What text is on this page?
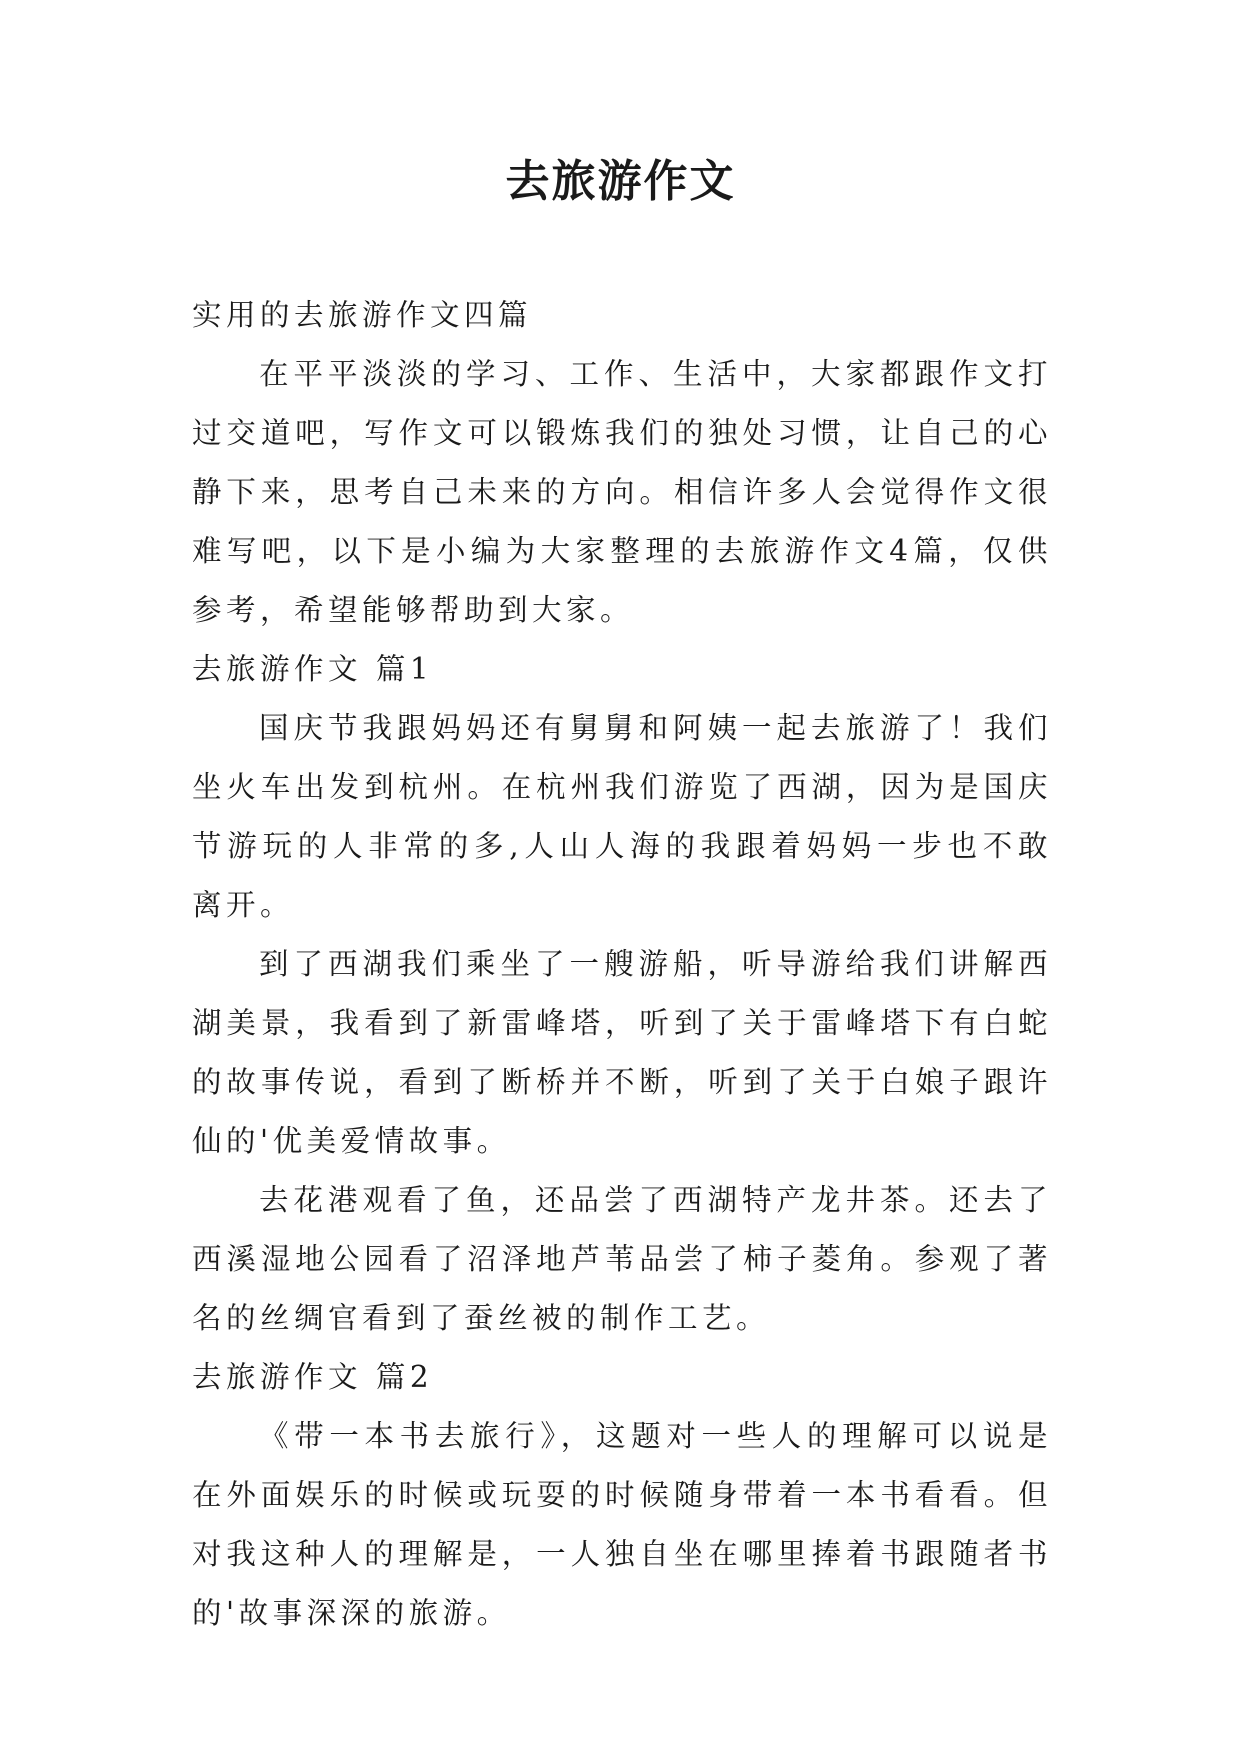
去旅游作文

实用的去旅游作文四篇

在平平淡淡的学习、工作、生活中，大家都跟作文打过交道吧，写作文可以锻炼我们的独处习惯，让自己的心静下来，思考自己未来的方向。相信许多人会觉得作文很难写吧，以下是小编为大家整理的去旅游作文4篇，仅供参考，希望能够帮助到大家。

去旅游作文 篇1

国庆节我跟妈妈还有舅舅和阿姨一起去旅游了！我们坐火车出发到杭州。在杭州我们游览了西湖，因为是国庆节游玩的人非常的多,人山人海的我跟着妈妈一步也不敢离开。

到了西湖我们乘坐了一艘游船，听导游给我们讲解西湖美景，我看到了新雷峰塔，听到了关于雷峰塔下有白蛇的故事传说，看到了断桥并不断，听到了关于白娘子跟许仙的'优美爱情故事。

去花港观看了鱼，还品尝了西湖特产龙井茶。还去了西溪湿地公园看了沼泽地芦苇品尝了柿子菱角。参观了著名的丝绸官看到了蚕丝被的制作工艺。

去旅游作文 篇2

《带一本书去旅行》，这题对一些人的理解可以说是在外面娱乐的时候或玩耍的时候随身带着一本书看看。但对我这种人的理解是，一人独自坐在哪里捧着书跟随者书的'故事深深的旅游。
